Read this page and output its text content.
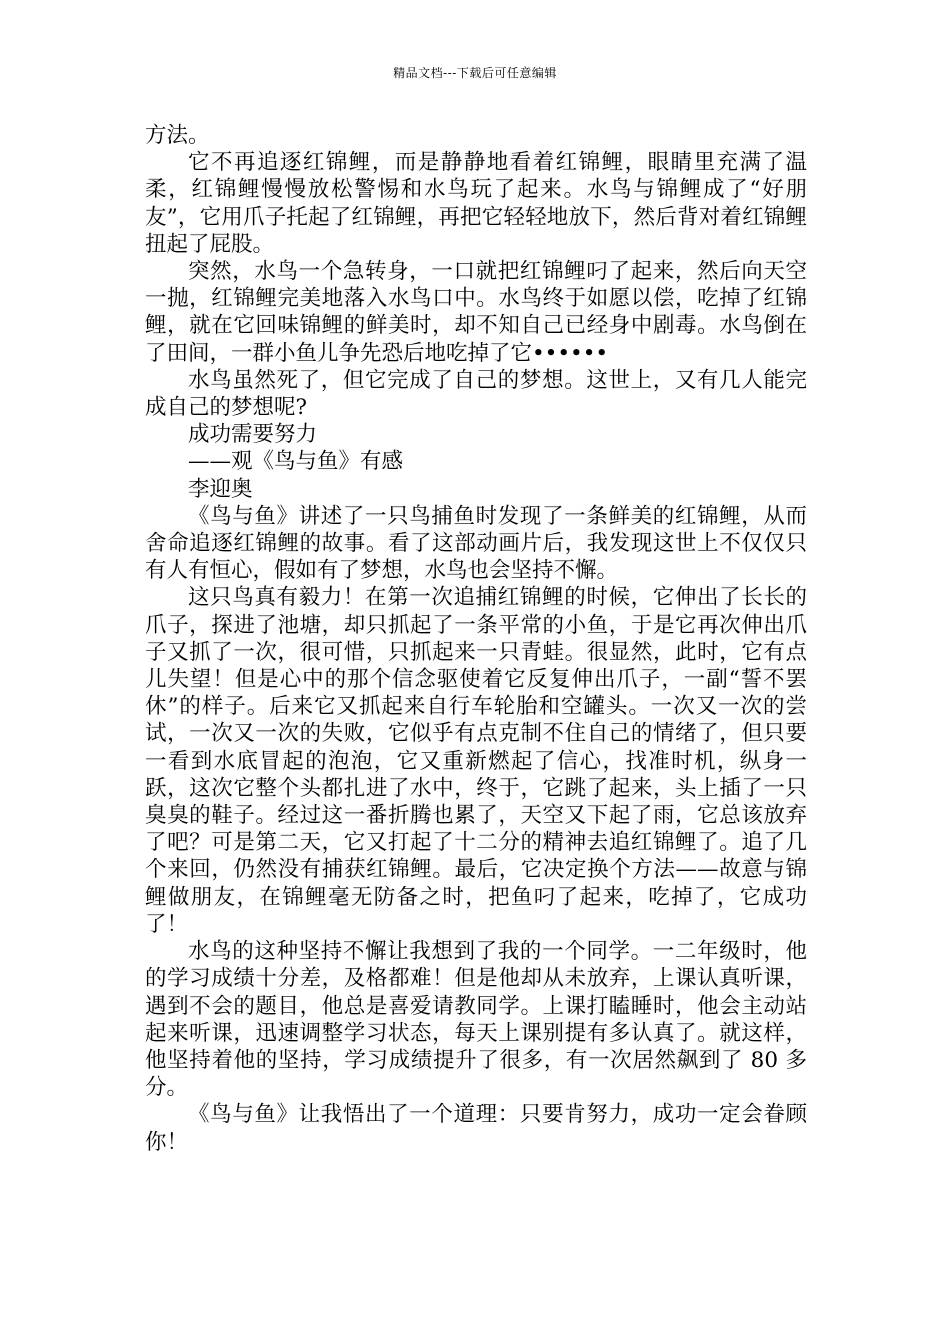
精品文档---下载后可任意编辑

方法。

它不再追逐红锦鲤，而是静静地看着红锦鲤，眼睛里充满了温柔，红锦鲤慢慢放松警惕和水鸟玩了起来。水鸟与锦鲤成了“好朋友”，它用爪子托起了红锦鲤，再把它轻轻地放下，然后背对着红锦鲤扭起了屁股。

突然，水鸟一个急转身，一口就把红锦鲤叼了起来，然后向天空一抛，红锦鲤完美地落入水鸟口中。水鸟终于如愿以偿，吃掉了红锦鲤，就在它回味锦鲤的鲜美时，却不知自己已经身中剧毒。水鸟倒在了田间，一群小鱼儿争先恐后地吃掉了它••••••

水鸟虽然死了，但它完成了自己的梦想。这世上，又有几人能完成自己的梦想呢?

成功需要努力

——观《鸟与鱼》有感

李迎奥

《鸟与鱼》讲述了一只鸟捕鱼时发现了一条鲜美的红锦鲤，从而舍命追逐红锦鲤的故事。看了这部动画片后，我发现这世上不仅仅只有人有恒心，假如有了梦想，水鸟也会坚持不懈。

这只鸟真有毅力！在第一次追捕红锦鲤的时候，它伸出了长长的爪子，探进了池塘，却只抓起了一条平常的小鱼，于是它再次伸出爪子又抓了一次，很可惜，只抓起来一只青蛙。很显然，此时，它有点儿失望！但是心中的那个信念驱使着它反复伸出爪子，一副“誓不罢休”的样子。后来它又抓起来自行车轮胎和空罐头。一次又一次的尝试，一次又一次的失败，它似乎有点克制不住自己的情绪了，但只要一看到水底冒起的泡泡，它又重新燃起了信心，找准时机，纵身一跃，这次它整个头都扎进了水中，终于，它跳了起来，头上插了一只臭臭的鞋子。经过这一番折腾也累了，天空又下起了雨，它总该放弃了吧？可是第二天，它又打起了十二分的精神去追红锦鲤了。追了几个来回，仍然没有捕获红锦鲤。最后，它决定换个方法——故意与锦鲤做朋友，在锦鲤毫无防备之时，把鱼叼了起来，吃掉了，它成功了！

水鸟的这种坚持不懈让我想到了我的一个同学。一二年级时，他的学习成绩十分差，及格都难！但是他却从未放弃，上课认真听课，遇到不会的题目，他总是喜爱请教同学。上课打瞌睡时，他会主动站起来听课，迅速调整学习状态，每天上课别提有多认真了。就这样，他坚持着他的坚持，学习成绩提升了很多，有一次居然飙到了 80 多分。

《鸟与鱼》让我悟出了一个道理：只要肯努力，成功一定会眷顾你！
